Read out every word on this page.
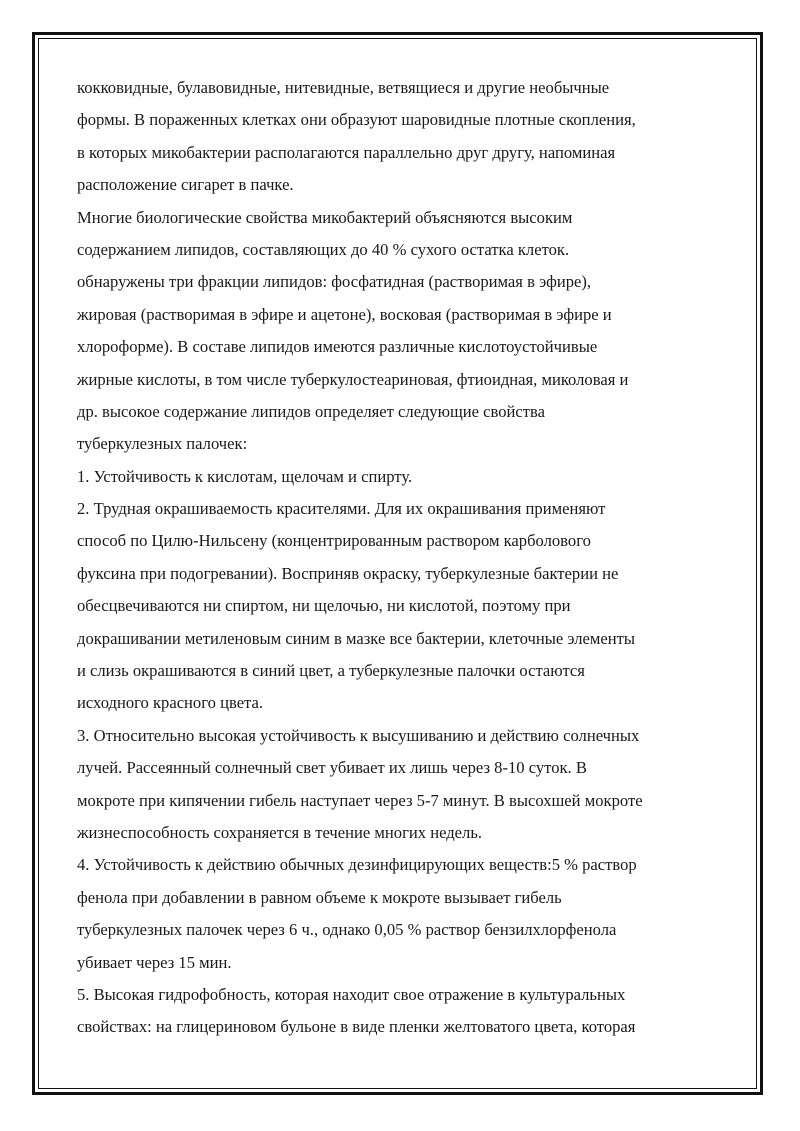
кокковидные, булавовидные, нитевидные, ветвящиеся и другие необычные
формы. В пораженных клетках они образуют шаровидные плотные скопления,
в которых микобактерии располагаются параллельно друг другу, напоминая
расположение сигарет в пачке.
Многие биологические свойства микобактерий объясняются высоким
содержанием липидов, составляющих до 40 % сухого остатка клеток.
обнаружены три фракции липидов: фосфатидная (растворимая в эфире),
жировая (растворимая в эфире и ацетоне), восковая (растворимая в эфире и
хлороформе). В составе липидов имеются различные кислотоустойчивые
жирные кислоты, в том числе туберкулостеариновая, фтиоидная, миколовая и
др. высокое содержание липидов определяет следующие свойства
туберкулезных палочек:
1. Устойчивость к кислотам, щелочам и спирту.
2. Трудная окрашиваемость красителями. Для их окрашивания применяют
способ по Цилю-Нильсену (концентрированным раствором карболового
фуксина при подогревании). Восприняв окраску, туберкулезные бактерии не
обесцвечиваются ни спиртом, ни щелочью, ни кислотой, поэтому при
докрашивании метиленовым синим в мазке все бактерии, клеточные элементы
и слизь окрашиваются в синий цвет, а туберкулезные палочки остаются
исходного красного цвета.
3. Относительно высокая устойчивость к высушиванию и действию солнечных
лучей. Рассеянный солнечный свет убивает их лишь через 8-10 суток. В
мокроте при кипячении гибель наступает через 5-7 минут. В высохшей мокроте
жизнеспособность сохраняется в течение многих недель.
4. Устойчивость к действию обычных дезинфицирующих веществ:5 % раствор
фенола при добавлении в равном объеме к мокроте вызывает гибель
туберкулезных палочек через 6 ч., однако 0,05 % раствор бензилхлорфенола
убивает через 15 мин.
5. Высокая гидрофобность, которая находит свое отражение в культуральных
свойствах: на глицериновом бульоне в виде пленки желтоватого цвета, которая
